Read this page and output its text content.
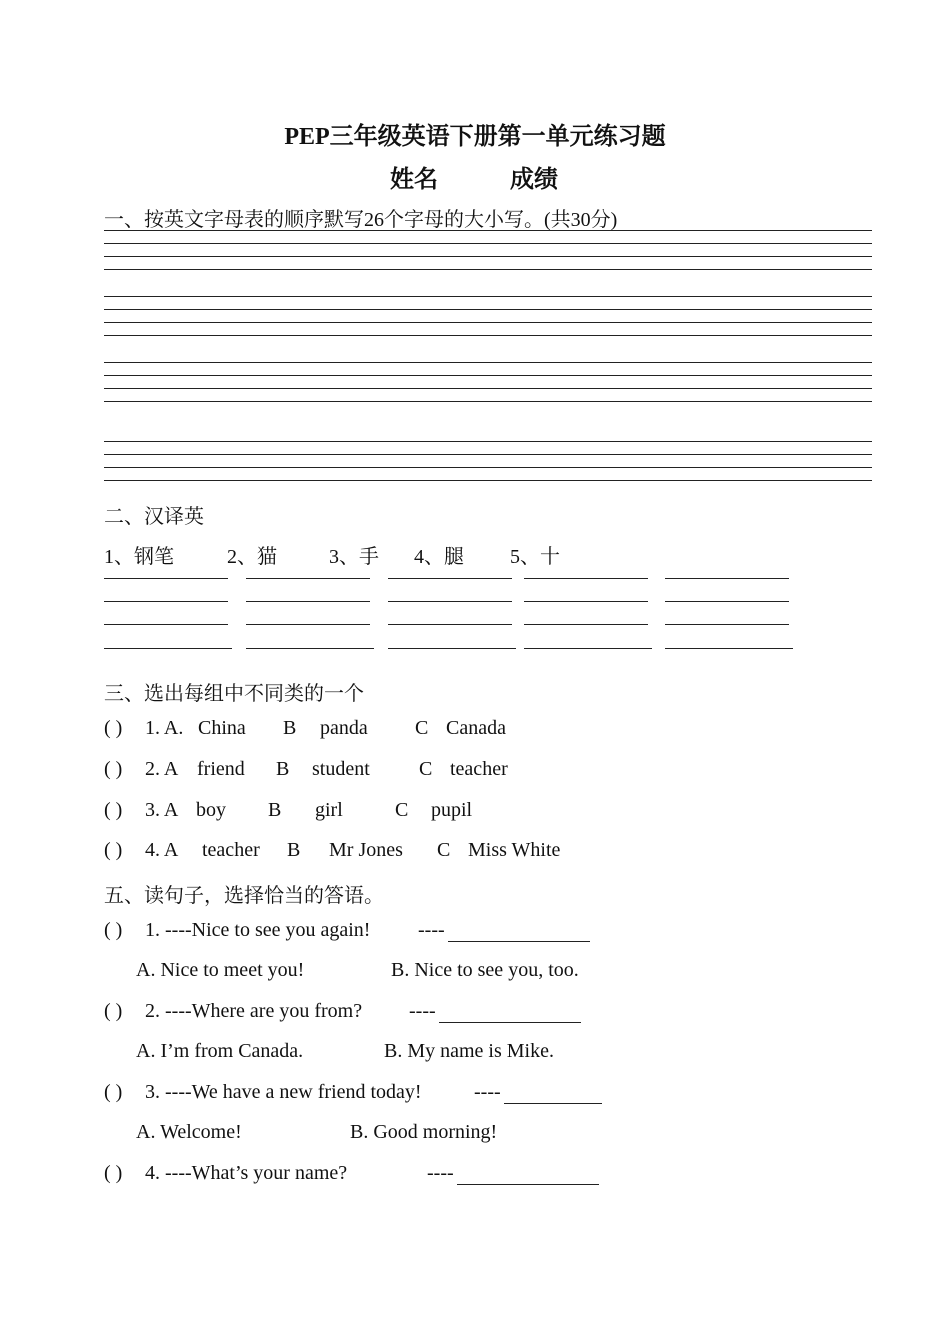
PEP三年级英语下册第一单元练习题
姓名	成绩
一、按英文字母表的顺序默写26个字母的大小写。(共30分)
二、汉译英
1、钢笔	2、猫	3、手 4、腿 5、十
三、选出每组中不同类的一个
( ) 1. A. China B panda C Canada
( ) 2. A friend B student C teacher
( ) 3. A boy B girl	C pupil
( ) 4. A teacher B Mr Jones C Miss White
五、读句子，选择恰当的答语。
( ) 1. ----Nice to see you again! ----
A. Nice to meet you!	B. Nice to see you, too.
( ) 2. ----Where are you from? ----
A. I’m from Canada.	B. My name is Mike.
( ) 3. ----We have a new friend today!	----
A. Welcome!	B. Good morning!
( ) 4. ----What’s your name?	----
